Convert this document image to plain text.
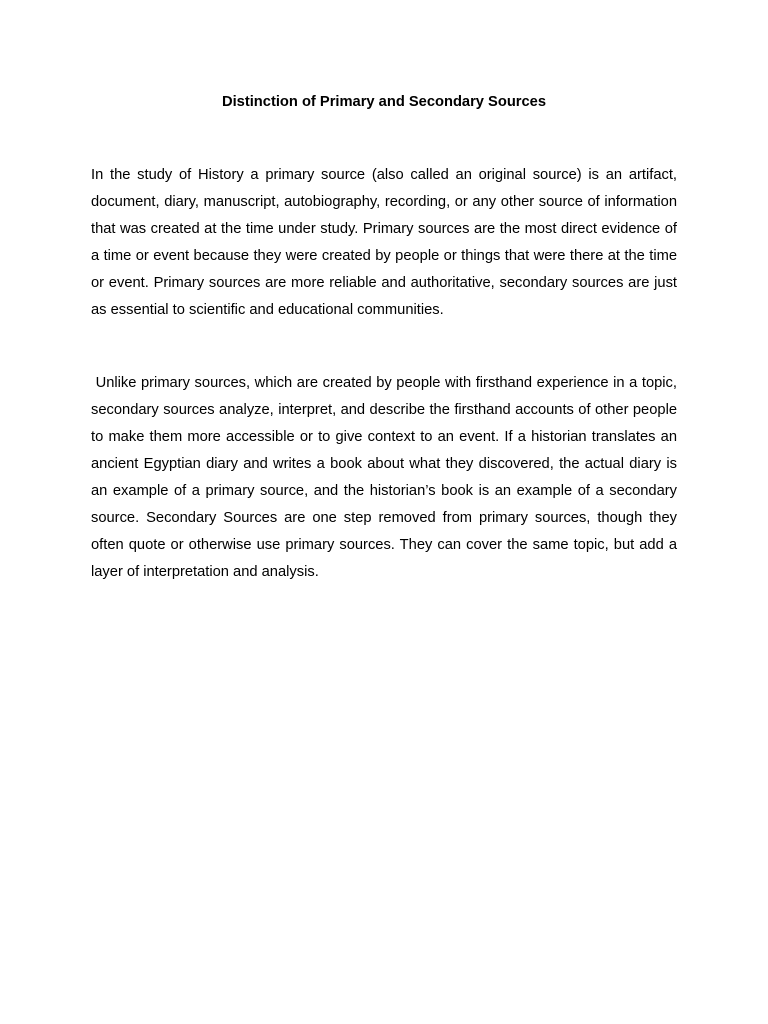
Distinction of Primary and Secondary Sources

In the study of History a primary source (also called an original source) is an artifact, document, diary, manuscript, autobiography, recording, or any other source of information that was created at the time under study. Primary sources are the most direct evidence of a time or event because they were created by people or things that were there at the time or event. Primary sources are more reliable and authoritative, secondary sources are just as essential to scientific and educational communities.

Unlike primary sources, which are created by people with firsthand experience in a topic, secondary sources analyze, interpret, and describe the firsthand accounts of other people to make them more accessible or to give context to an event. If a historian translates an ancient Egyptian diary and writes a book about what they discovered, the actual diary is an example of a primary source, and the historian’s book is an example of a secondary source. Secondary Sources are one step removed from primary sources, though they often quote or otherwise use primary sources. They can cover the same topic, but add a layer of interpretation and analysis.
